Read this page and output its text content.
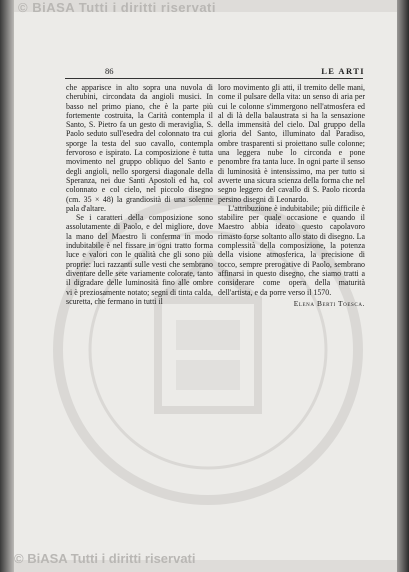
© BiASA Tutti i diritti riservati
86	LE ARTI

che apparisce in alto sopra una nuvola di cherubini, circondata da angioli musici. In basso nel primo piano, che è la parte più fortemente costruita, la Carità contempla il Santo, S. Pietro fa un gesto di meraviglia, S. Paolo seduto sull'esedra del colonnato tra cui sporge la testa del suo cavallo, contempla fervoroso e ispirato. La composizione è tutta movimento nel gruppo obliquo del Santo e degli angioli, nello sporgersi diagonale della Speranza, nei due Santi Apostoli ed ha, col colonnato e col cielo, nel piccolo disegno (cm. 35 × 48) la grandiosità di una solenne pala d'altare.

Se i caratteri della composizione sono assolutamente di Paolo, e del migliore, dove la mano del Maestro li conferma in modo indubitabile è nel fissare in ogni tratto forma luce e valori con le qualità che gli sono più proprie: luci razzanti sulle vesti che sembrano diventare delle sete variamente colorate, tanto il digradare delle luminosità fino alle ombre vi è preziosamente notato; segni di tinta calda, scuretta, che fermano in tutti il

loro movimento gli atti, il tremito delle mani, come il pulsare della vita: un senso di aria per cui le colonne s'immergono nell'atmosfera ed al di là della balaustrata si ha la sensazione della immensità del cielo. Dal gruppo della gloria del Santo, illuminato dal Paradiso, ombre trasparenti si proiettano sulle colonne; una leggera nube lo circonda e pone penombre fra tanta luce. In ogni parte il senso di luminosità è intensissimo, ma per tutto si avverte una sicura scienza della forma che nel segno leggero del cavallo di S. Paolo ricorda persino disegni di Leonardo.

L'attribuzione è indubitabile; più difficile è stabilire per quale occasione e quando il Maestro abbia ideato questo capolavoro rimasto forse soltanto allo stato di disegno. La complessità della composizione, la potenza della visione atmosferica, la precisione di tocco, sempre prerogative di Paolo, sembrano affinarsi in questo disegno, che siamo tratti a considerare come opera della maturità dell'artista, e da porre verso il 1570.

Elena Berti Toesca.
© BiASA Tutti i diritti riservati
